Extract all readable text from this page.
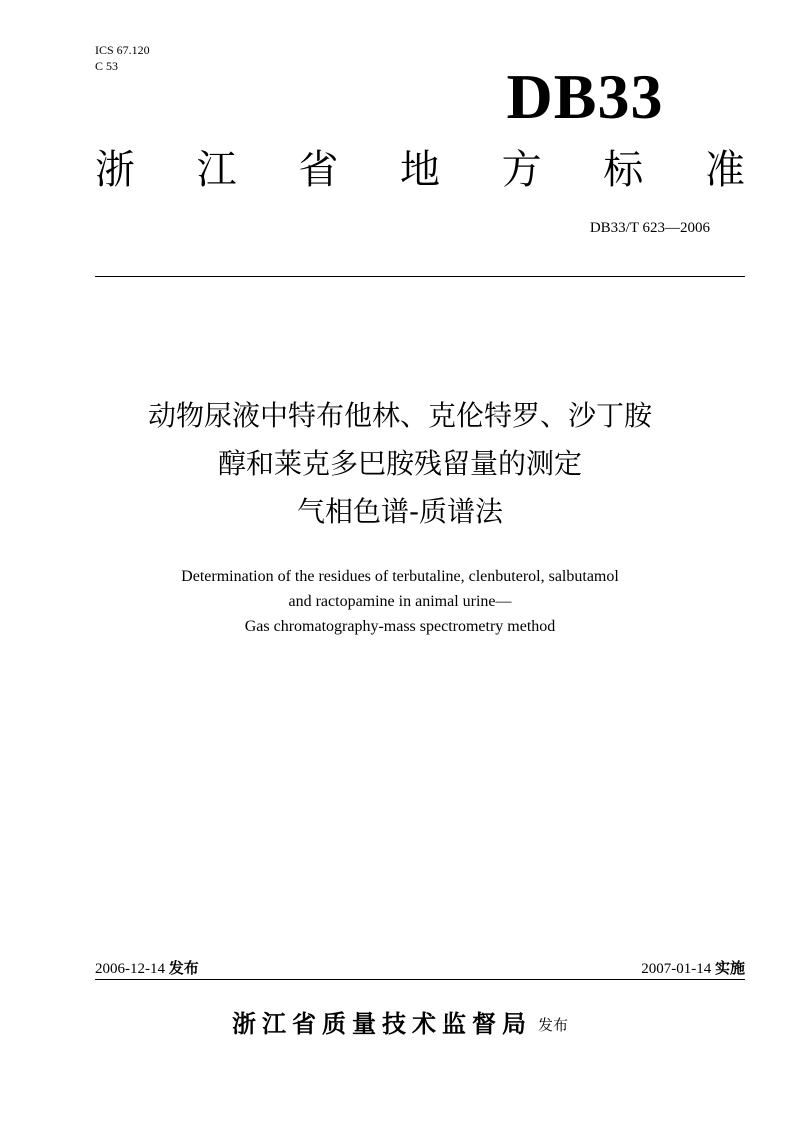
ICS 67.120
C 53	DB33
浙 江 省 地 方 标 准
DB33/T 623—2006
动物尿液中特布他林、克伦特罗、沙丁胺
醇和莱克多巴胺残留量的测定
气相色谱-质谱法
Determination of the residues of terbutaline, clenbuterol, salbutamol
and ractopamine in animal urine—
Gas chromatography-mass spectrometry method
2006-12-14 发布	2007-01-14 实施
浙江省质量技术监督局 发布
